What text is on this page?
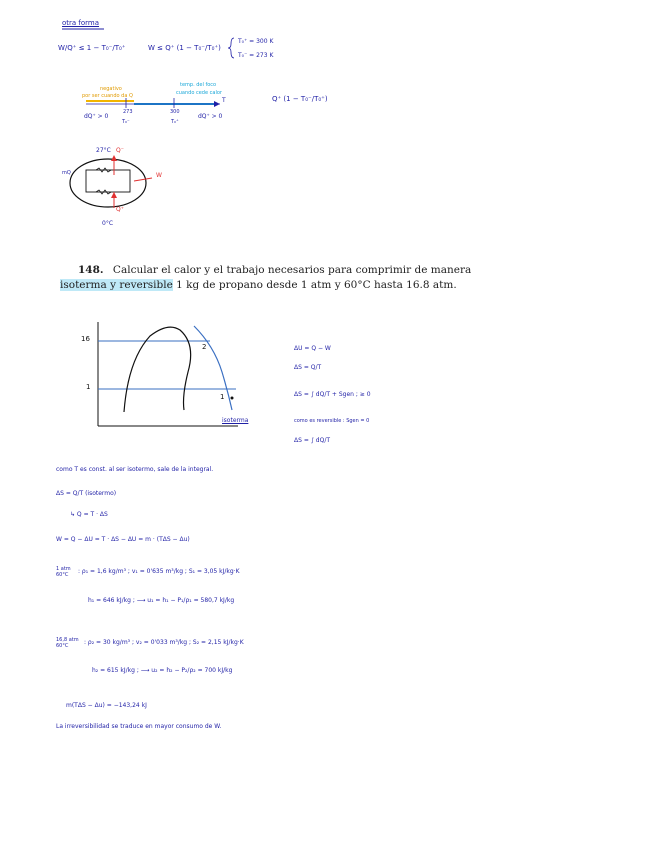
otra forma
W/Q⁺ ≤ 1 − T₀⁻/T₀⁺	W ≤ Q⁺ (1 − T₀⁻/T₀⁺)
T₀⁺ = 300 K
T₀⁻ = 273 K
negativo
por ser cuando da Q
temp. del foco
cuando cede calor
T
dQ⁺ > 0
273
T₀⁻
300
T₀⁺
dQ⁺ > 0
Q⁺ (1 − T₀⁻/T₀⁺)
27°C Q⁻
mQ	W
Q⁺
0°C
148. Calcular el calor y el trabajo necesarios para comprimir de manera
isoterma y reversible 1 kg de propano desde 1 atm y 60°C hasta 16.8 atm.
16
1
2
1
isoterma
ΔU = Q − W
ΔS = Q/T
ΔS = ∫ dQ/T + Sgen ; ≥ 0
como es reversible : Sgen = 0
ΔS = ∫ dQ/T
como T es const. al ser isotermo, sale de la integral.
ΔS = Q/T (isotermo)
↳ Q = T · ΔS
W = Q − ΔU = T · ΔS − ΔU = m · (TΔS − Δu)
1 atm 60°C	: ρ₁ = 1,6 kg/m³ ; v₁ = 0'635 m³/kg ; S₁ = 3,05 kJ/kg·K
h₁ = 646 kJ/kg ; ⟶ u₁ = h₁ − P₁/ρ₁ = 580,7 kJ/kg
16,8 atm 60°C	: ρ₂ = 30 kg/m³ ; v₂ = 0'033 m³/kg ; S₂ = 2,15 kJ/kg·K
h₂ = 615 kJ/kg ; ⟶ u₂ = h₂ − P₂/ρ₂ = 700 kJ/kg
m(TΔS − Δu) = −143,24 kJ
La irreversibilidad se traduce en mayor consumo de W.
